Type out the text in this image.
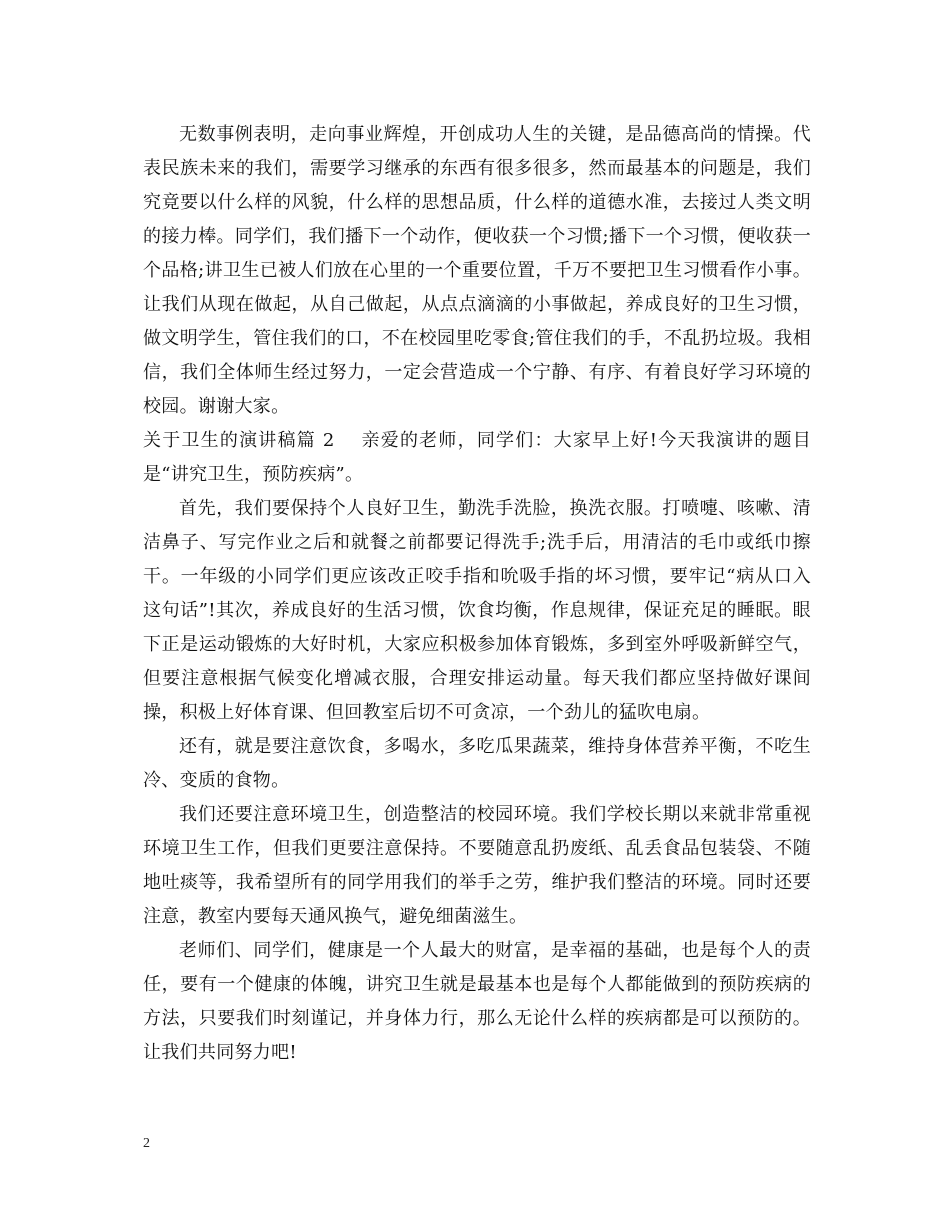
无数事例表明，走向事业辉煌，开创成功人生的关键，是品德高尚的情操。代表民族未来的我们，需要学习继承的东西有很多很多，然而最基本的问题是，我们究竟要以什么样的风貌，什么样的思想品质，什么样的道德水准，去接过人类文明的接力棒。同学们，我们播下一个动作，便收获一个习惯;播下一个习惯，便收获一个品格;讲卫生已被人们放在心里的一个重要位置，千万不要把卫生习惯看作小事。让我们从现在做起，从自己做起，从点点滴滴的小事做起，养成良好的卫生习惯，做文明学生，管住我们的口，不在校园里吃零食;管住我们的手，不乱扔垃圾。我相信，我们全体师生经过努力，一定会营造成一个宁静、有序、有着良好学习环境的校园。谢谢大家。

关于卫生的演讲稿篇 2 亲爱的老师，同学们：大家早上好!今天我演讲的题目是“讲究卫生，预防疾病”。

首先，我们要保持个人良好卫生，勤洗手洗脸，换洗衣服。打喷嚏、咳嗽、清洁鼻子、写完作业之后和就餐之前都要记得洗手;洗手后，用清洁的毛巾或纸巾擦干。一年级的小同学们更应该改正咬手指和吮吸手指的坏习惯，要牢记“病从口入这句话”!其次，养成良好的生活习惯，饮食均衡，作息规律，保证充足的睡眠。眼下正是运动锻炼的大好时机，大家应积极参加体育锻炼，多到室外呼吸新鲜空气，但要注意根据气候变化增减衣服，合理安排运动量。每天我们都应坚持做好课间操，积极上好体育课、但回教室后切不可贪凉，一个劲儿的猛吹电扇。

还有，就是要注意饮食，多喝水，多吃瓜果蔬菜，维持身体营养平衡，不吃生冷、变质的食物。

我们还要注意环境卫生，创造整洁的校园环境。我们学校长期以来就非常重视环境卫生工作，但我们更要注意保持。不要随意乱扔废纸、乱丢食品包装袋、不随地吐痰等，我希望所有的同学用我们的举手之劳，维护我们整洁的环境。同时还要注意，教室内要每天通风换气，避免细菌滋生。

老师们、同学们，健康是一个人最大的财富，是幸福的基础，也是每个人的责任，要有一个健康的体魄，讲究卫生就是最基本也是每个人都能做到的预防疾病的方法，只要我们时刻谨记，并身体力行，那么无论什么样的疾病都是可以预防的。让我们共同努力吧!

2
